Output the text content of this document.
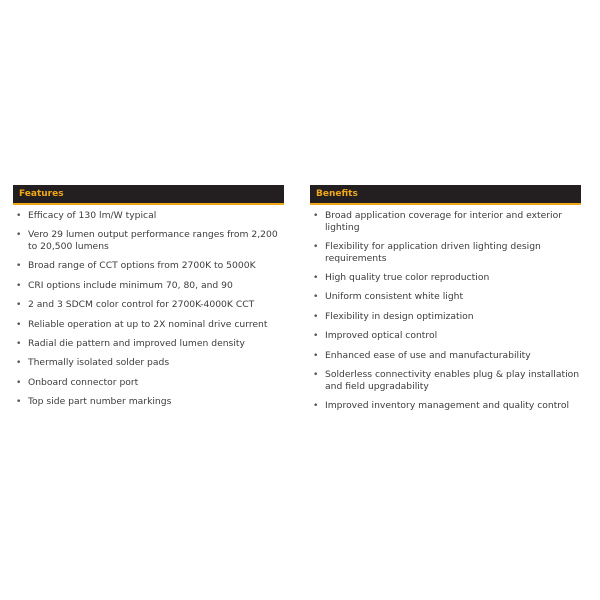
Features
• Efficacy of 130 lm/W typical
• Vero 29 lumen output performance ranges from 2,200 to 20,500 lumens
• Broad range of CCT options from 2700K to 5000K
• CRI options include minimum 70, 80, and 90
• 2 and 3 SDCM color control for 2700K-4000K CCT
• Reliable operation at up to 2X nominal drive current
• Radial die pattern and improved lumen density
• Thermally isolated solder pads
• Onboard connector port
• Top side part number markings
Benefits
• Broad application coverage for interior and exterior lighting
• Flexibility for application driven lighting design requirements
• High quality true color reproduction
• Uniform consistent white light
• Flexibility in design optimization
• Improved optical control
• Enhanced ease of use and manufacturability
• Solderless connectivity enables plug & play installation and field upgradability
• Improved inventory management and quality control
